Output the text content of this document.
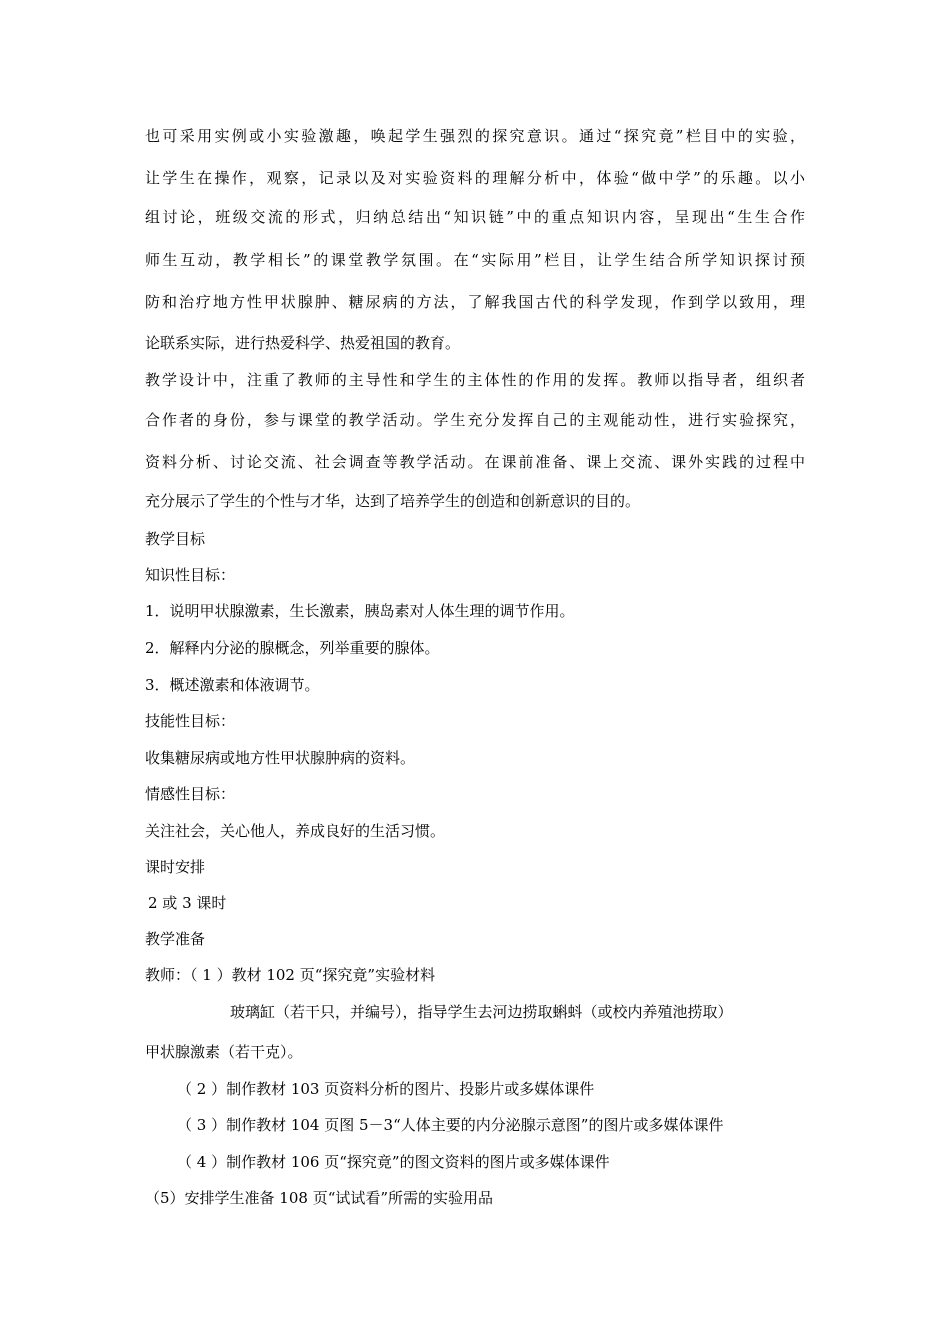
也可采用实例或小实验激趣，唤起学生强烈的探究意识。通过“探究竟”栏目中的实验，
让学生在操作，观察，记录以及对实验资料的理解分析中，体验“做中学”的乐趣。以小
组讨论，班级交流的形式，归纳总结出“知识链”中的重点知识内容，呈现出“生生合作
师生互动，教学相长”的课堂教学氛围。在“实际用”栏目，让学生结合所学知识探讨预
防和治疗地方性甲状腺肿、糖尿病的方法，了解我国古代的科学发现，作到学以致用，理
论联系实际，进行热爱科学、热爱祖国的教育。
教学设计中，注重了教师的主导性和学生的主体性的作用的发挥。教师以指导者，组织者
合作者的身份，参与课堂的教学活动。学生充分发挥自己的主观能动性，进行实验探究，
资料分析、讨论交流、社会调查等教学活动。在课前准备、课上交流、课外实践的过程中
充分展示了学生的个性与才华，达到了培养学生的创造和创新意识的目的。
教学目标
知识性目标：
1．说明甲状腺激素，生长激素，胰岛素对人体生理的调节作用。
2．解释内分泌的腺概念，列举重要的腺体。
3．概述激素和体液调节。
技能性目标：
收集糖尿病或地方性甲状腺肿病的资料。
情感性目标：
关注社会，关心他人，养成良好的生活习惯。
课时安排
2 或 3 课时
教学准备
教师：（ 1 ）教材 102 页“探究竟”实验材料
玻璃缸（若干只，并编号），指导学生去河边捞取蝌蚪（或校内养殖池捞取）
甲状腺激素（若干克）。
（ 2 ）制作教材 103 页资料分析的图片、投影片或多媒体课件
（ 3 ）制作教材 104 页图 5－3“人体主要的内分泌腺示意图”的图片或多媒体课件
（ 4 ）制作教材 106 页“探究竟”的图文资料的图片或多媒体课件
（5）安排学生准备 108 页“试试看”所需的实验用品
